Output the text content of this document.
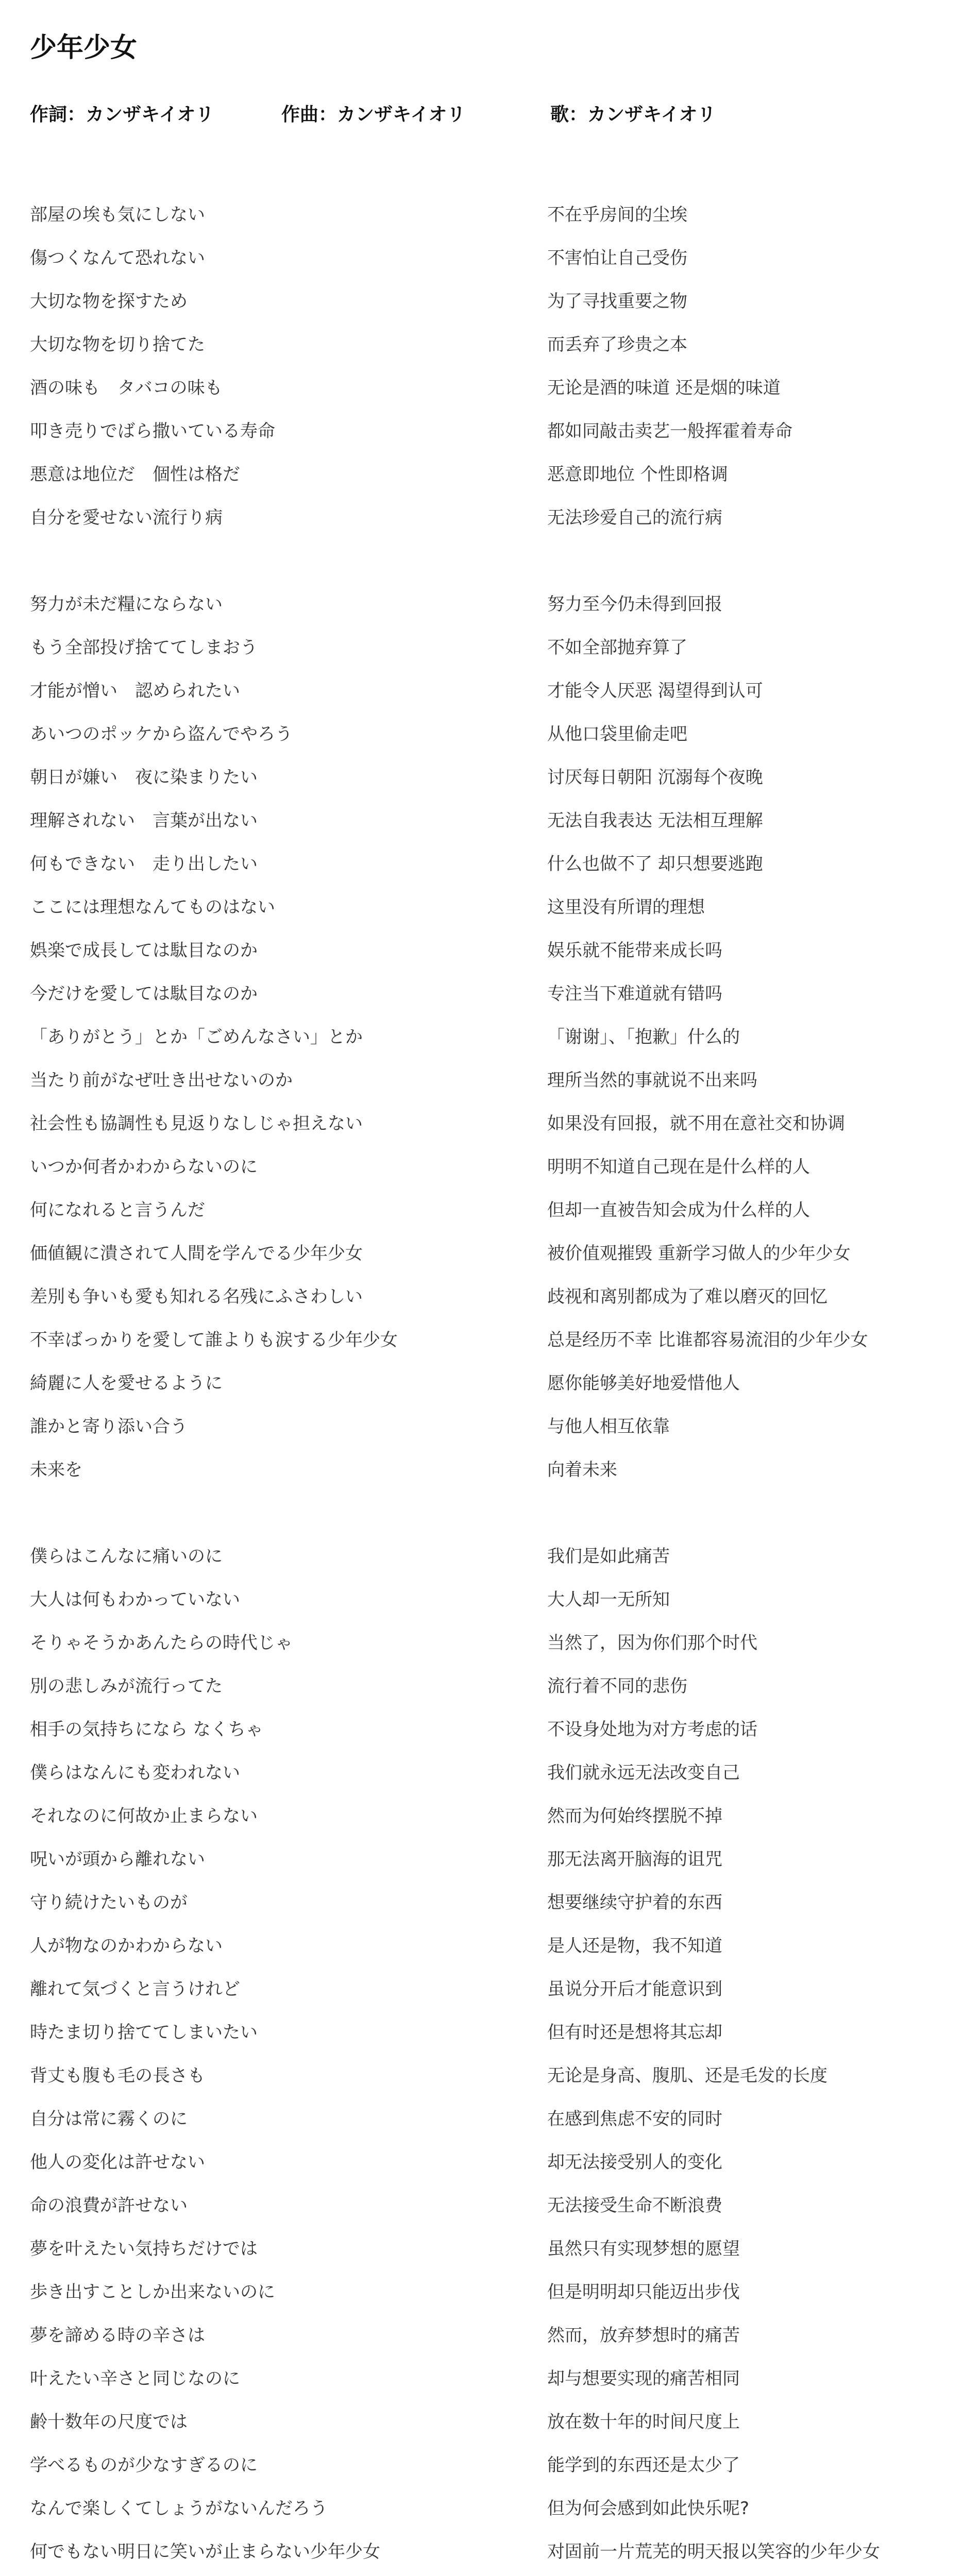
少年少女
作詞：カンザキイオリ	作曲：カンザキイオリ	歌：カンザキイオリ
部屋の埃も気にしない	不在乎房间的尘埃
傷つくなんて恐れない	不害怕让自己受伤
大切な物を探すため	为了寻找重要之物
大切な物を切り捨てた	而丢弃了珍贵之本
酒の味も　タバコの味も	无论是酒的味道 还是烟的味道
叩き売りでばら撒いている寿命	都如同敲击卖艺一般挥霍着寿命
悪意は地位だ　個性は格だ	恶意即地位 个性即格调
自分を愛せない流行り病	无法珍爱自己的流行病
努力が未だ糧にならない	努力至今仍未得到回报
もう全部投げ捨ててしまおう	不如全部抛弃算了
才能が憎い　認められたい	才能令人厌恶 渴望得到认可
あいつのポッケから盗んでやろう	从他口袋里偷走吧
朝日が嫌い　夜に染まりたい	讨厌每日朝阳 沉溺每个夜晚
理解されない　言葉が出ない	无法自我表达 无法相互理解
何もできない　走り出したい	什么也做不了 却只想要逃跑
ここには理想なんてものはない	这里没有所谓的理想
娯楽で成長しては駄目なのか	娱乐就不能带来成长吗
今だけを愛しては駄目なのか	专注当下难道就有错吗
「ありがとう」とか「ごめんなさい」とか	「谢谢」、「抱歉」什么的
当たり前がなぜ吐き出せないのか	理所当然的事就说不出来吗
社会性も協調性も見返りなしじゃ担えない	如果没有回报，就不用在意社交和协调
いつか何者かわからないのに	明明不知道自己现在是什么样的人
何になれると言うんだ	但却一直被告知会成为什么样的人
価値観に潰されて人間を学んでる少年少女	被价值观摧毁 重新学习做人的少年少女
差別も争いも愛も知れる名残にふさわしい	歧视和离别都成为了难以磨灭的回忆
不幸ばっかりを愛して誰よりも涙する少年少女	总是经历不幸 比谁都容易流泪的少年少女
綺麗に人を愛せるように	愿你能够美好地爱惜他人
誰かと寄り添い合う	与他人相互依靠
未来を	向着未来
僕らはこんなに痛いのに	我们是如此痛苦
大人は何もわかっていない	大人却一无所知
そりゃそうかあんたらの時代じゃ	当然了，因为你们那个时代
別の悲しみが流行ってた	流行着不同的悲伤
相手の気持ちになら なくちゃ	不设身处地为对方考虑的话
僕らはなんにも変われない	我们就永远无法改变自己
それなのに何故か止まらない	然而为何始终摆脱不掉
呪いが頭から離れない	那无法离开脑海的诅咒
守り続けたいものが	想要继续守护着的东西
人が物なのかわからない	是人还是物，我不知道
離れて気づくと言うけれど	虽说分开后才能意识到
時たま切り捨ててしまいたい	但有时还是想将其忘却
背丈も腹も毛の長さも	无论是身高、腹肌、还是毛发的长度
自分は常に霧くのに	在感到焦虑不安的同时
他人の変化は許せない	却无法接受别人的变化
命の浪費が許せない	无法接受生命不断浪费
夢を叶えたい気持ちだけでは	虽然只有实现梦想的愿望
歩き出すことしか出来ないのに	但是明明却只能迈出步伐
夢を諦める時の辛さは	然而，放弃梦想时的痛苦
叶えたい辛さと同じなのに	却与想要实现的痛苦相同
齢十数年の尺度では	放在数十年的时间尺度上
学べるものが少なすぎるのに	能学到的东西还是太少了
なんで楽しくてしょうがないんだろう	但为何会感到如此快乐呢?
何でもない明日に笑いが止まらない少年少女	对固前一片荒芜的明天报以笑容的少年少女
